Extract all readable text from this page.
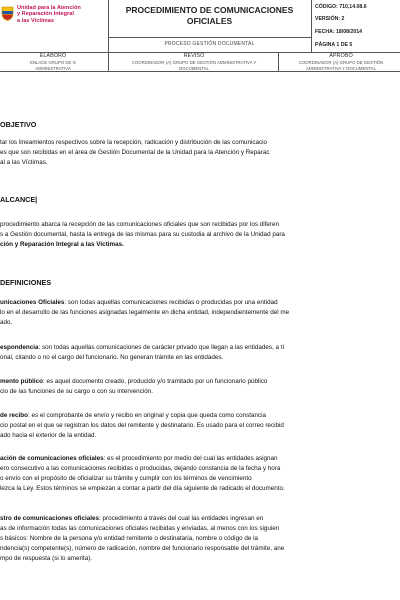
Unidad para la Atención
y Reparación Integral
a las Víctimas
PROCEDIMIENTO DE COMUNICACIONES
OFICIALES
PROCESO GESTIÓN DOCUMENTAL
CÓDIGO: 710,14.08.6
VERSIÓN: 2
FECHA: 18/08/2014
PÁGINA 1 DE 5
ELABORÓ
ENLACE GRUPO DE G
ADMINISTRATIVA
REVISÓ
COORDINADOR (A) GRUPO DE GESTIÓN ADMINISTRATIVA Y
DOCUMENTAL
APROBÓ
COORDINADOR (A) GRUPO DE GESTIÓN
ADMINISTRATIVA Y DOCUMENTAL
OBJETIVO
tar los lineamientos respectivos sobre la recepción, radicación y distribución de las comunicacio
es que son recibidas en el área de Gestión Documental de la Unidad para la Atención y Reparac
al a las Víctimas.
ALCANCE|
procedimiento abarca la recepción de las comunicaciones oficiales que son recibidas por los diferen
s a Gestión documental, hasta la entrega de las mismas para su custodia al archivo de la Unidad para
ción y Reparación Integral a las Víctimas.
DEFINICIONES
unicaciones Oficiales: son todas aquellas comunicaciones recibidas o producidas por una entidad
lo en el desarrollo de las funciones asignadas legalmente en dicha entidad, independientemente del me
ado.
espondencia: son todas aquellas comunicaciones de carácter privado que llegan a las entidades, a tí
onal, citando o no el cargo del funcionario. No generan trámite en las entidades.
mento público: es aquel documento creado, producido y/o tramitado por un funcionario público
cio de las funciones de su cargo o con su intervención.
de recibo: es el comprobante de envío y recibo en original y copia que queda como constancia
cio postal en el que se registran los datos del remitente y destinatario. Es usado para el correo recibid
ado hacia el exterior de la entidad.
ación de comunicaciones oficiales: es el procedimiento por medio del cual las entidades asignan
ero consecutivo a las comunicaciones recibidas o producidas, dejando constancia de la fecha y hora
o envío con el propósito de oficializar su trámite y cumplir con los términos de vencimiento
lezca la Ley. Estos términos se empiezan a contar a partir del día siguiente de radicado el documento.
stro de comunicaciones oficiales: procedimiento a través del cual las entidades ingresan en
as de información todas las comunicaciones oficiales recibidas y enviadas, al menos con los siguien
s básicos: Nombre de la persona y/o entidad remitente o destinataria, nombre o código de la
ndencia(s) competente(s), número de radicación, nombre del funcionario responsable del trámite, ane
mpo de respuesta (si lo amerita).
